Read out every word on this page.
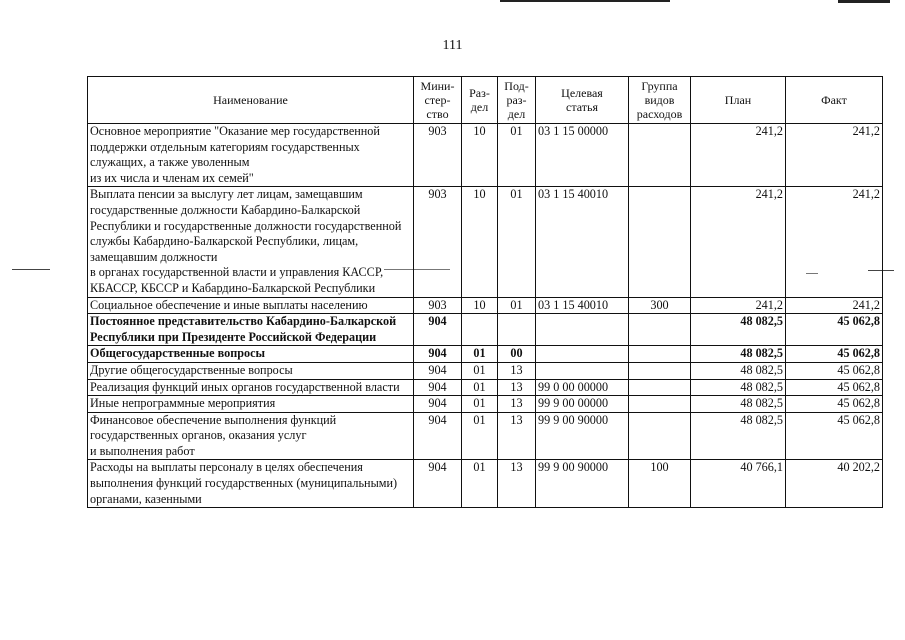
111
Наименование	Мини-
стер-
ство	Раз-
дел	Под-
раз-
дел	Целевая
статья	Группа
видов
расходов	План	Факт
Основное мероприятие "Оказание мер государственной поддержки отдельным категориям государственных служащих, а также уволенным
из их числа и членам их семей"	903	10	01	03 1 15 00000		241,2	241,2
Выплата пенсии за выслугу лет лицам, замещавшим государственные должности Кабардино-Балкарской Республики и государственные должности государственной службы Кабардино-Балкарской Республики, лицам, замещавшим должности
в органах государственной власти и управления КАССР, КБАССР, КБССР и Кабардино-Балкарской Республики	903	10	01	03 1 15 40010		241,2	241,2
Социальное обеспечение и иные выплаты населению	903	10	01	03 1 15 40010	300	241,2	241,2
Постоянное представительство Кабардино-Балкарской Республики при Президенте Российской Федерации	904					48 082,5	45 062,8
Общегосударственные вопросы	904	01	00			48 082,5	45 062,8
Другие общегосударственные вопросы	904	01	13			48 082,5	45 062,8
Реализация функций иных органов государственной власти	904	01	13	99 0 00 00000		48 082,5	45 062,8
Иные непрограммные мероприятия	904	01	13	99 9 00 00000		48 082,5	45 062,8
Финансовое обеспечение выполнения функций государственных органов, оказания услуг
и выполнения работ	904	01	13	99 9 00 90000		48 082,5	45 062,8
Расходы на выплаты персоналу в целях обеспечения выполнения функций государственных (муниципальными) органами, казенными	904	01	13	99 9 00 90000	100	40 766,1	40 202,2
